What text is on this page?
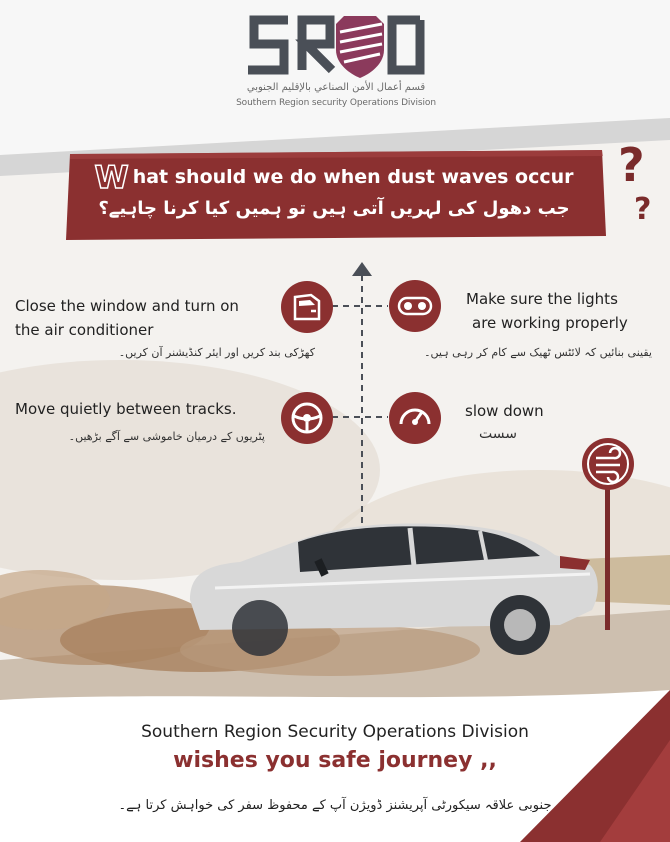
قسم أعمال الأمن الصناعي بالإقليم الجنوبي
Southern Region security Operations Division
What should we do when dust waves occur
جب دھول کی لہریں آتی ہیں تو ہمیں کیا کرنا چاہیے؟
?
?
Close the window and turn on
the air conditioner
کھڑکی بند کریں اور ایئر کنڈیشنر آن کریں۔
Make sure the lights
are working properly
یقینی بنائیں کہ لائٹس ٹھیک سے کام کر رہی ہیں۔
Move quietly between tracks.
پٹریوں کے درمیان خاموشی سے آگے بڑھیں۔
slow down
سست
Southern Region Security Operations Division
wishes you safe journey ,,
جنوبی علاقہ سیکورٹی آپریشنز ڈویژن آپ کے محفوظ سفر کی خواہش کرتا ہے۔
